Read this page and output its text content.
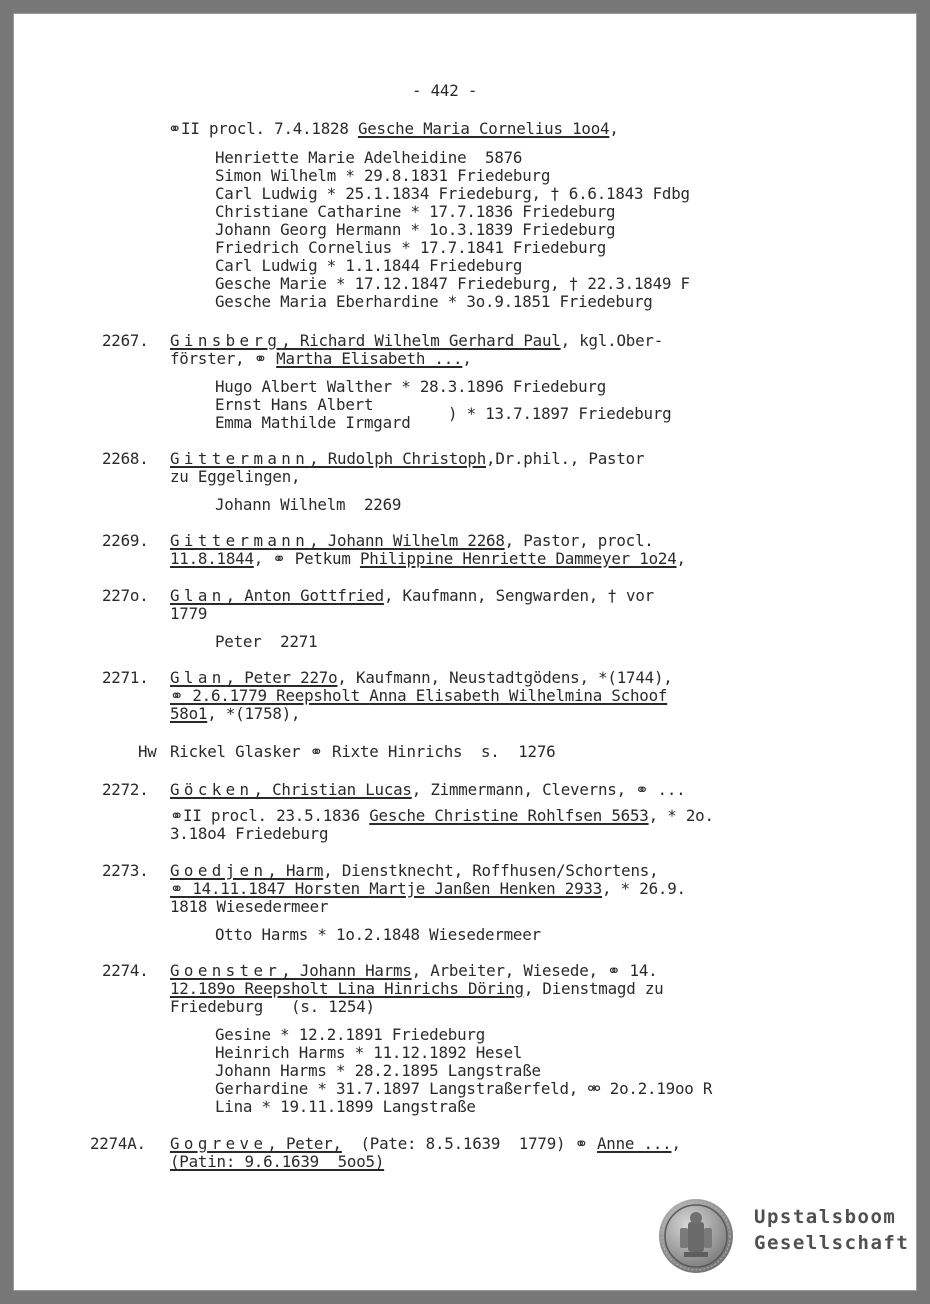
- 442 -
⚭II procl. 7.4.1828 Gesche Maria Cornelius 1oo4,
Henriette Marie Adelheidine  5876
Simon Wilhelm * 29.8.1831 Friedeburg
Carl Ludwig * 25.1.1834 Friedeburg, † 6.6.1843 Fdbg
Christiane Catharine * 17.7.1836 Friedeburg
Johann Georg Hermann * 1o.3.1839 Friedeburg
Friedrich Cornelius * 17.7.1841 Friedeburg
Carl Ludwig * 1.1.1844 Friedeburg
Gesche Marie * 17.12.1847 Friedeburg, † 22.3.1849 F
Gesche Maria Eberhardine * 3o.9.1851 Friedeburg
2267. Ginsberg, Richard Wilhelm Gerhard Paul, kgl.Ober-
förster, ⚭ Martha Elisabeth ...,
Hugo Albert Walther * 28.3.1896 Friedeburg
Ernst Hans Albert
Emma Mathilde Irmgard ) * 13.7.1897 Friedeburg
2268. Gittermann, Rudolph Christoph,Dr.phil., Pastor
zu Eggelingen,
Johann Wilhelm  2269
2269. Gittermann, Johann Wilhelm 2268, Pastor, procl.
11.8.1844, ⚭ Petkum Philippine Henriette Dammeyer 1o24,
227o. Glan, Anton Gottfried, Kaufmann, Sengwarden, † vor
1779
Peter  2271
2271. Glan, Peter 227o, Kaufmann, Neustadtgödens, *(1744),
⚭ 2.6.1779 Reepsholt Anna Elisabeth Wilhelmina Schoof
58o1, *(1758),
Hw Rickel Glasker ⚭ Rixte Hinrichs  s.  1276
2272. Göcken, Christian Lucas, Zimmermann, Cleverns, ⚭ ...
⚭II procl. 23.5.1836 Gesche Christine Rohlfsen 5653, * 2o.
3.18o4 Friedeburg
2273. Goedjen, Harm, Dienstknecht, Roffhusen/Schortens,
⚭ 14.11.1847 Horsten Martje Janßen Henken 2933, * 26.9.
1818 Wiesedermeer
Otto Harms * 1o.2.1848 Wiesedermeer
2274. Goenster, Johann Harms, Arbeiter, Wiesede, ⚭ 14.
12.189o Reepsholt Lina Hinrichs Döring, Dienstmagd zu
Friedeburg   (s. 1254)
Gesine * 12.2.1891 Friedeburg
Heinrich Harms * 11.12.1892 Hesel
Johann Harms * 28.2.1895 Langstraße
Gerhardine * 31.7.1897 Langstraßerfeld, ⚮ 2o.2.19oo R
Lina * 19.11.1899 Langstraße
2274A. Gogreve, Peter,  (Pate: 8.5.1639  1779) ⚭ Anne ...,
(Patin: 9.6.1639  5oo5)
Upstalsboom
Gesellschaft
